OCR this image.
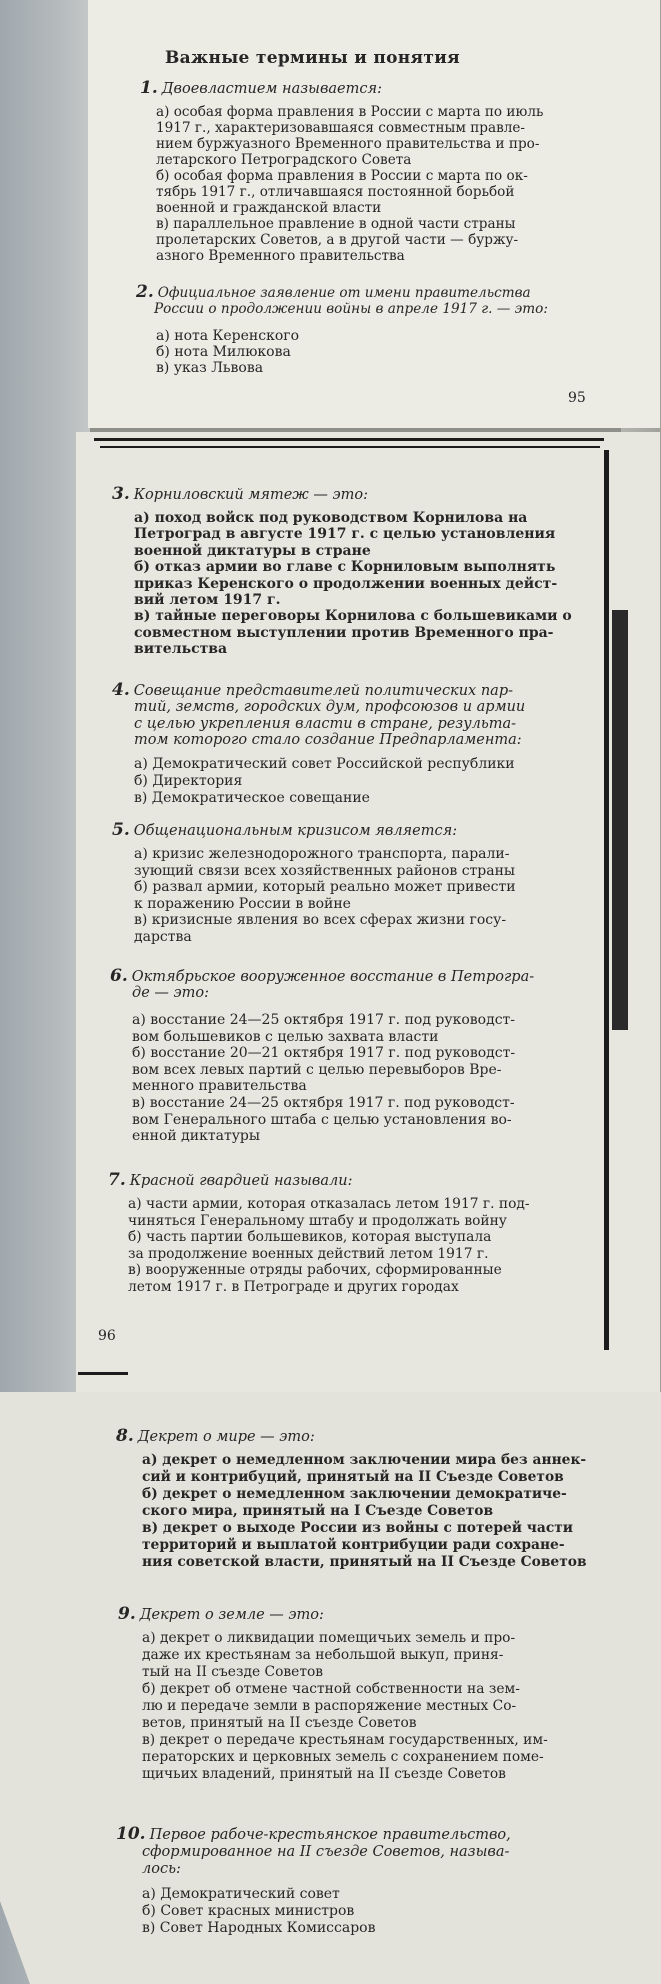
Важные термины и понятия
1. Двоевластием называется:
а) особая форма правления в России с марта по июль
1917 г., характеризовавшаяся совместным правле-
нием буржуазного Временного правительства и про-
летарского Петроградского Совета
б) особая форма правления в России с марта по ок-
тябрь 1917 г., отличавшаяся постоянной борьбой
военной и гражданской власти
в) параллельное правление в одной части страны
пролетарских Советов, а в другой части — буржу-
азного Временного правительства
2. Официальное заявление от имени правительства
России о продолжении войны в апреле 1917 г. — это:
а) нота Керенского
б) нота Милюкова
в) указ Львова
95
3. Корниловский мятеж — это:
а) поход войск под руководством Корнилова на
Петроград в августе 1917 г. с целью установления
военной диктатуры в стране
б) отказ армии во главе с Корниловым выполнять
приказ Керенского о продолжении военных дейст-
вий летом 1917 г.
в) тайные переговоры Корнилова с большевиками о
совместном выступлении против Временного пра-
вительства
4. Совещание представителей политических пар-
тий, земств, городских дум, профсоюзов и армии
с целью укрепления власти в стране, результа-
том которого стало создание Предпарламента:
а) Демократический совет Российской республики
б) Директория
в) Демократическое совещание
5. Общенациональным кризисом является:
а) кризис железнодорожного транспорта, парали-
зующий связи всех хозяйственных районов страны
б) развал армии, который реально может привести
к поражению России в войне
в) кризисные явления во всех сферах жизни госу-
дарства
6. Октябрьское вооруженное восстание в Петрогра-
де — это:
а) восстание 24—25 октября 1917 г. под руководст-
вом большевиков с целью захвата власти
б) восстание 20—21 октября 1917 г. под руководст-
вом всех левых партий с целью перевыборов Вре-
менного правительства
в) восстание 24—25 октября 1917 г. под руководст-
вом Генерального штаба с целью установления во-
енной диктатуры
7. Красной гвардией называли:
а) части армии, которая отказалась летом 1917 г. под-
чиняться Генеральному штабу и продолжать войну
б) часть партии большевиков, которая выступала
за продолжение военных действий летом 1917 г.
в) вооруженные отряды рабочих, сформированные
летом 1917 г. в Петрограде и других городах
96
8. Декрет о мире — это:
а) декрет о немедленном заключении мира без аннек-
сий и контрибуций, принятый на II Съезде Советов
б) декрет о немедленном заключении демократиче-
ского мира, принятый на I Съезде Советов
в) декрет о выходе России из войны с потерей части
территорий и выплатой контрибуции ради сохране-
ния советской власти, принятый на II Съезде Советов
9. Декрет о земле — это:
а) декрет о ликвидации помещичьих земель и про-
даже их крестьянам за небольшой выкуп, приня-
тый на II съезде Советов
б) декрет об отмене частной собственности на зем-
лю и передаче земли в распоряжение местных Со-
ветов, принятый на II съезде Советов
в) декрет о передаче крестьянам государственных, им-
ператорских и церковных земель с сохранением поме-
щичьих владений, принятый на II съезде Советов
10. Первое рабоче-крестьянское правительство,
сформированное на II съезде Советов, называ-
лось:
а) Демократический совет
б) Совет красных министров
в) Совет Народных Комиссаров
